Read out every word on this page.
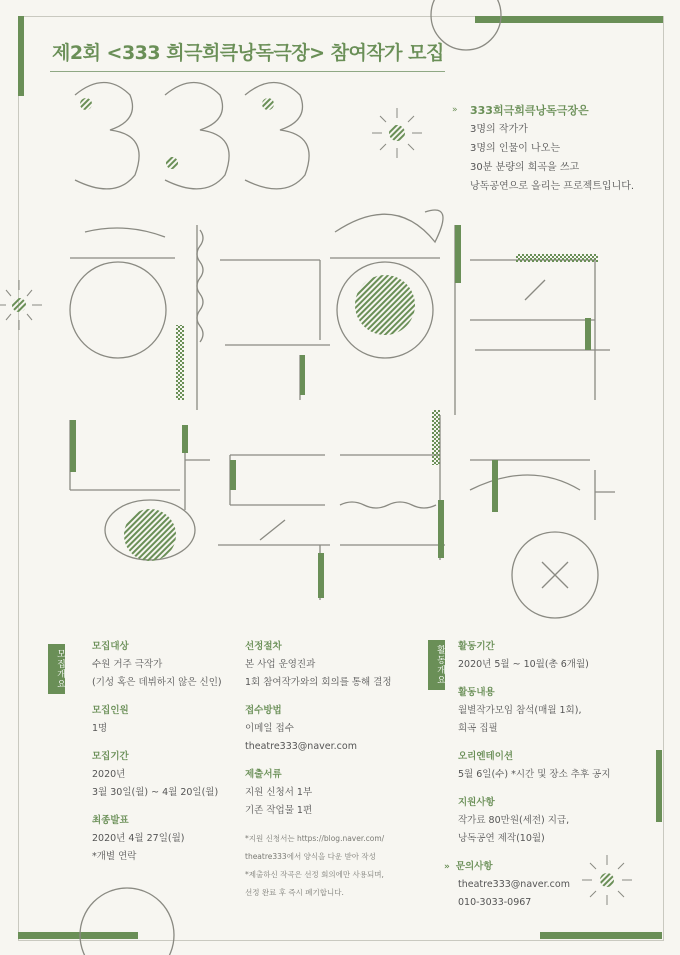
제2회 <333 희극희큭낭독극장> 참여작가 모집
» 333희극희큭낭독극장은
3명의 작가가
3명의 인물이 나오는
30분 분량의 희곡을 쓰고
낭독공연으로 올리는 프로젝트입니다.
모집개요	활동개요
모집대상
수원 거주 극작가
(기성 혹은 데뷔하지 않은 신인)
모집인원
1명
모집기간
2020년
3월 30일(월) ~ 4월 20일(월)
최종발표
2020년 4월 27일(월)
*개별 연락
선정절차
본 사업 운영진과
1회 참여작가와의 회의를 통해 결정
접수방법
이메일 접수
theatre333@naver.com
제출서류
지원 신청서 1부
기존 작업물 1편
*지원 신청서는 https://blog.naver.com/
theatre333에서 양식을 다운 받아 작성
*제출하신 작곡은 선정 회의에만 사용되며,
선정 완료 후 즉시 폐기합니다.
활동기간
2020년 5월 ~ 10월(총 6개월)
활동내용
월별작가모임 참석(매월 1회),
희곡 집필
오리엔테이션
5월 6일(수) *시간 및 장소 추후 공지
지원사항
작가료 80만원(세전) 지급,
낭독공연 제작(10월)
» 문의사항
theatre333@naver.com
010-3033-0967
